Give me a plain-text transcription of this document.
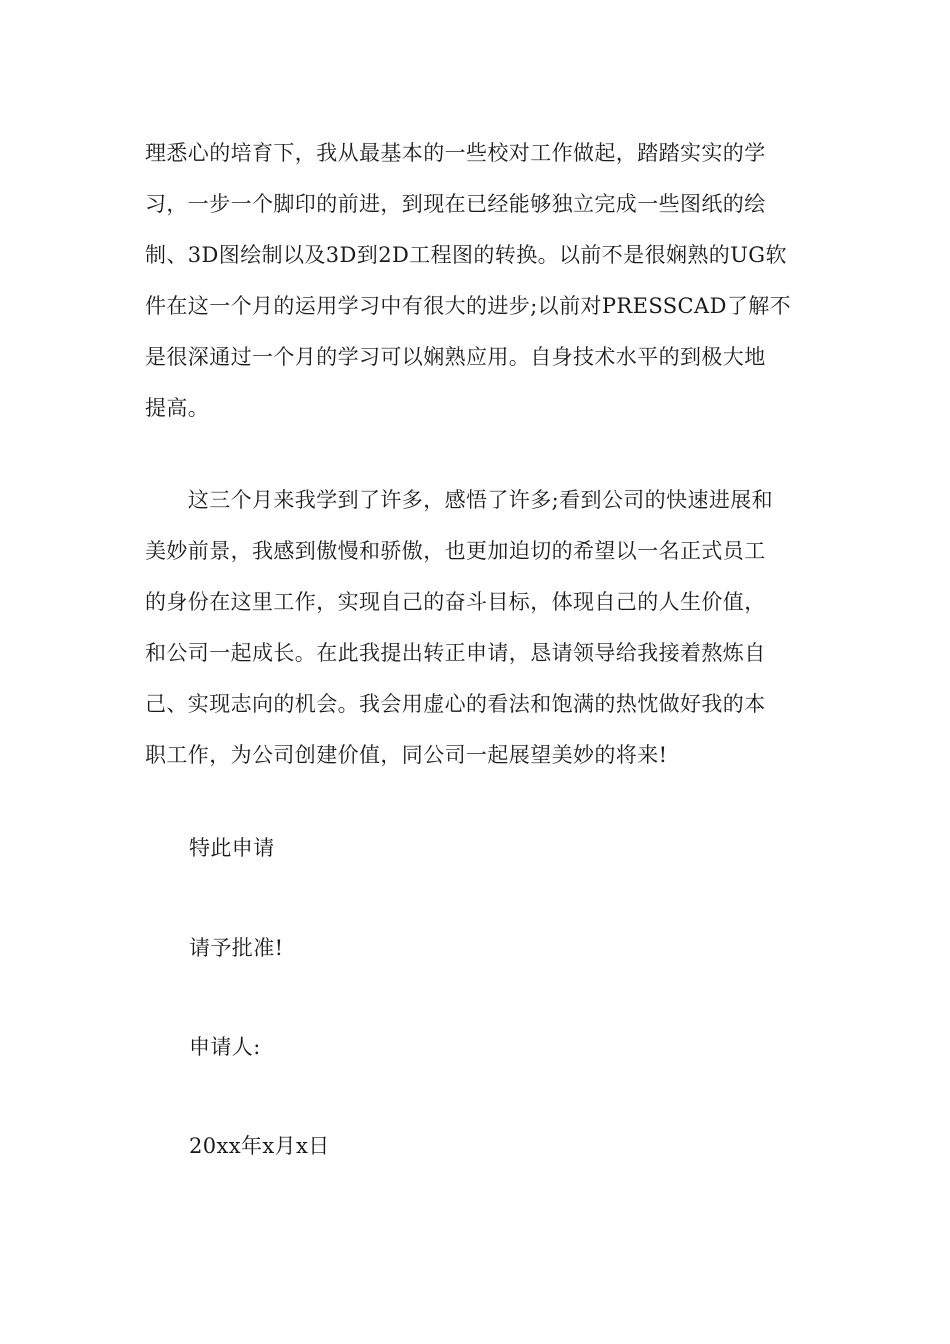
理悉心的培育下，我从最基本的一些校对工作做起，踏踏实实的学
习，一步一个脚印的前进，到现在已经能够独立完成一些图纸的绘
制、3D图绘制以及3D到2D工程图的转换。以前不是很娴熟的UG软
件在这一个月的运用学习中有很大的进步;以前对PRESSCAD了解不
是很深通过一个月的学习可以娴熟应用。自身技术水平的到极大地
提高。
　　这三个月来我学到了许多，感悟了许多;看到公司的快速进展和
美妙前景，我感到傲慢和骄傲，也更加迫切的希望以一名正式员工
的身份在这里工作，实现自己的奋斗目标，体现自己的人生价值，
和公司一起成长。在此我提出转正申请，恳请领导给我接着熬炼自
己、实现志向的机会。我会用虚心的看法和饱满的热忱做好我的本
职工作，为公司创建价值，同公司一起展望美妙的将来!

特此申请

请予批准!

申请人:

20xx年x月x日
